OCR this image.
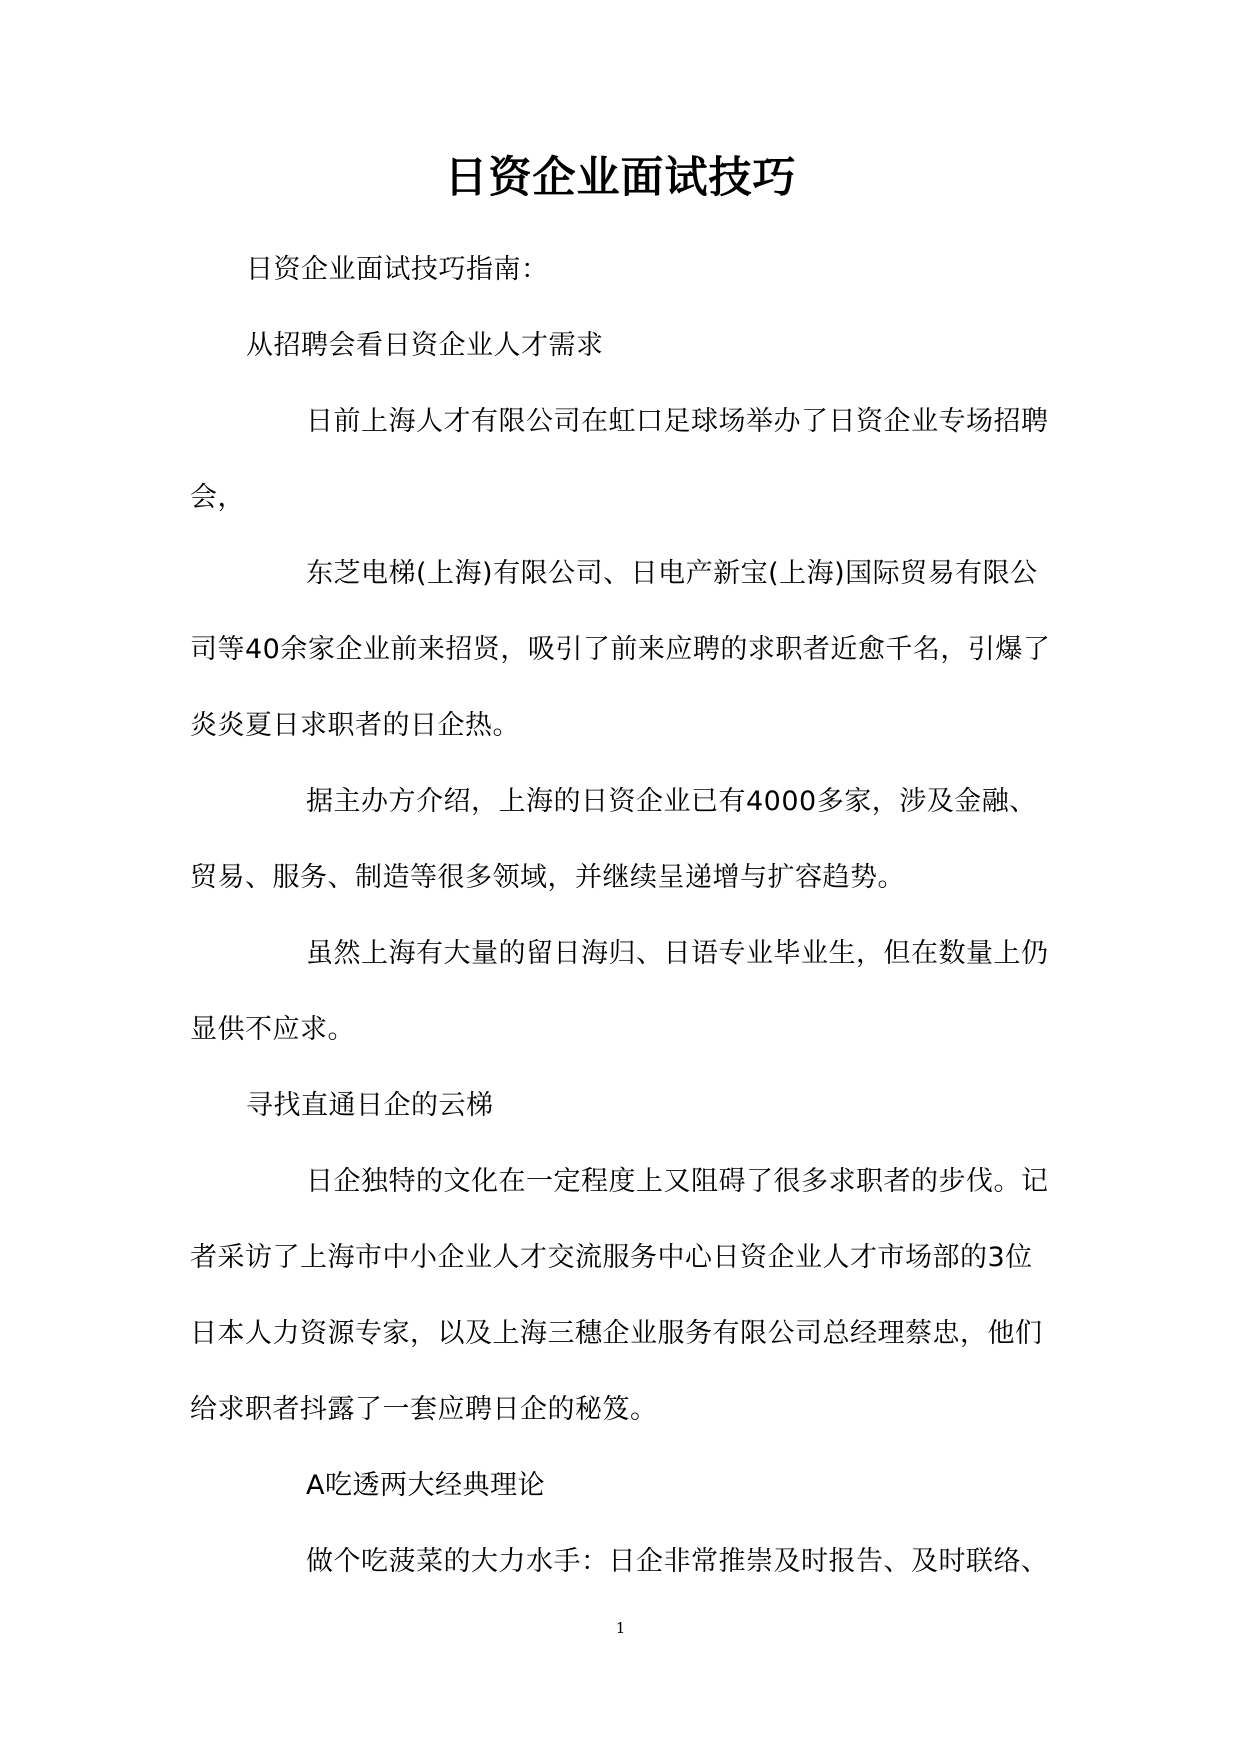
日资企业面试技巧
日资企业面试技巧指南：
从招聘会看日资企业人才需求
日前上海人才有限公司在虹口足球场举办了日资企业专场招聘会，
东芝电梯(上海)有限公司、日电产新宝(上海)国际贸易有限公司等40余家企业前来招贤，吸引了前来应聘的求职者近愈千名，引爆了炎炎夏日求职者的日企热。
据主办方介绍，上海的日资企业已有4000多家，涉及金融、贸易、服务、制造等很多领域，并继续呈递增与扩容趋势。
虽然上海有大量的留日海归、日语专业毕业生，但在数量上仍显供不应求。
寻找直通日企的云梯
日企独特的文化在一定程度上又阻碍了很多求职者的步伐。记者采访了上海市中小企业人才交流服务中心日资企业人才市场部的3位日本人力资源专家，以及上海三穗企业服务有限公司总经理蔡忠，他们给求职者抖露了一套应聘日企的秘笈。
A吃透两大经典理论
做个吃菠菜的大力水手：日企非常推崇及时报告、及时联络、
1
